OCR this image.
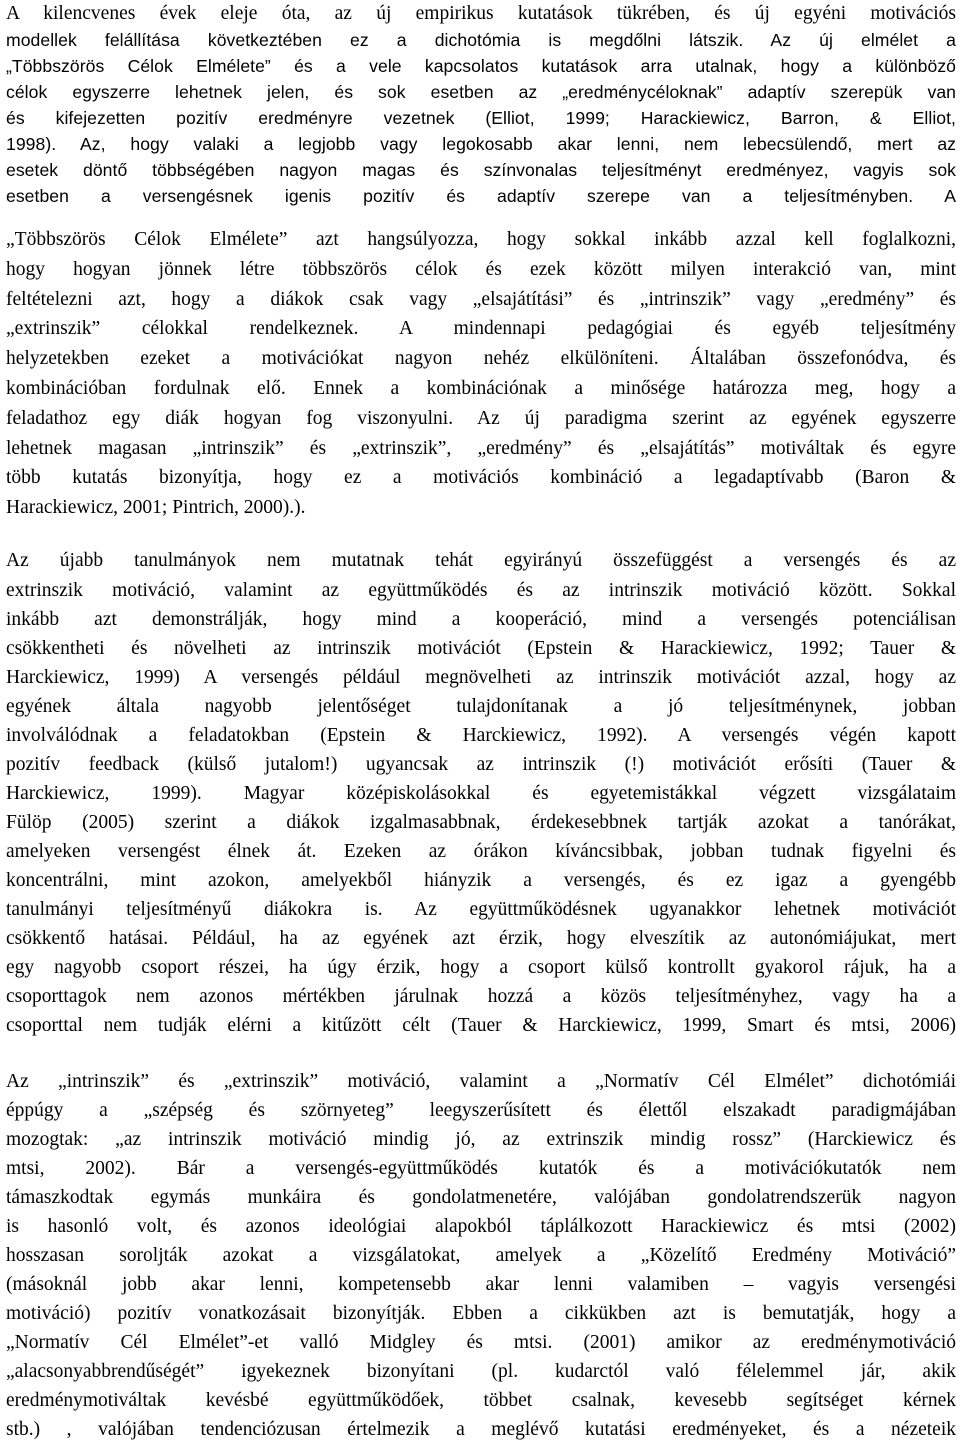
A kilencvenes évek eleje óta, az új empirikus kutatások tükrében, és új egyéni motivációs
modellek felállítása következtében ez a dichotómia is megdőlni látszik. Az új elmélet a
„Többszörös Célok Elmélete” és a vele kapcsolatos kutatások arra utalnak, hogy a különböző
célok egyszerre lehetnek jelen, és sok esetben az „eredménycéloknak” adaptív szerepük van
és kifejezetten pozitív eredményre vezetnek (Elliot, 1999; Harackiewicz, Barron, & Elliot,
1998). Az, hogy valaki a legjobb vagy legokosabb akar lenni, nem lebecsülendő, mert az
esetek döntő többségében nagyon magas és színvonalas teljesítményt eredményez, vagyis sok
esetben a versengésnek igenis pozitív és adaptív szerepe van a teljesítményben. A
„Többszörös Célok Elmélete” azt hangsúlyozza, hogy sokkal inkább azzal kell foglalkozni,
hogy hogyan jönnek létre többszörös célok és ezek között milyen interakció van, mint
feltételezni azt, hogy a diákok csak vagy „elsajátítási” és „intrinszik” vagy „eredmény” és
„extrinszik” célokkal rendelkeznek. A mindennapi pedagógiai és egyéb teljesítmény
helyzetekben ezeket a motivációkat nagyon nehéz elkülöníteni. Általában összefonódva, és
kombinációban fordulnak elő. Ennek a kombinációnak a minősége határozza meg, hogy a
feladathoz egy diák hogyan fog viszonyulni. Az új paradigma szerint az egyének egyszerre
lehetnek magasan „intrinszik” és „extrinszik”, „eredmény” és „elsajátítás” motiváltak és egyre
több kutatás bizonyítja, hogy ez a motivációs kombináció a legadaptívabb (Baron &
Harackiewicz, 2001; Pintrich, 2000).).
Az újabb tanulmányok nem mutatnak tehát egyirányú összefüggést a versengés és az
extrinszik motiváció, valamint az együttműködés és az intrinszik motiváció között. Sokkal
inkább azt demonstrálják, hogy mind a kooperáció, mind a versengés potenciálisan
csökkentheti és növelheti az intrinszik motivációt (Epstein & Harackiewicz, 1992; Tauer &
Harckiewicz, 1999) A versengés például megnövelheti az intrinszik motivációt azzal, hogy az
egyének általa nagyobb jelentőséget tulajdonítanak a jó teljesítménynek, jobban
involválódnak a feladatokban (Epstein & Harckiewicz, 1992). A versengés végén kapott
pozitív feedback (külső jutalom!) ugyancsak az intrinszik (!) motivációt erősíti (Tauer &
Harckiewicz, 1999). Magyar középiskolásokkal és egyetemistákkal végzett vizsgálataim
Fülöp (2005) szerint a diákok izgalmasabbnak, érdekesebbnek tartják azokat a tanórákat,
amelyeken versengést élnek át. Ezeken az órákon kíváncsibbak, jobban tudnak figyelni és
koncentrálni, mint azokon, amelyekből hiányzik a versengés, és ez igaz a gyengébb
tanulmányi teljesítményű diákokra is. Az együttműködésnek ugyanakkor lehetnek motivációt
csökkentő hatásai. Például, ha az egyének azt érzik, hogy elveszítik az autonómiájukat, mert
egy nagyobb csoport részei, ha úgy érzik, hogy a csoport külső kontrollt gyakorol rájuk, ha a
csoporttagok nem azonos mértékben járulnak hozzá a közös teljesítményhez, vagy ha a
csoporttal nem tudják elérni a kitűzött célt (Tauer & Harckiewicz, 1999, Smart és mtsi, 2006)
Az „intrinszik” és „extrinszik” motiváció, valamint a „Normatív Cél Elmélet” dichotómiái
éppúgy a „szépség és szörnyeteg” leegyszerűsített és élettől elszakadt paradigmájában
mozogtak: „az intrinszik motiváció mindig jó, az extrinszik mindig rossz” (Harckiewicz és
mtsi, 2002). Bár a versengés-együttműködés kutatók és a motivációkutatók nem
támaszkodtak egymás munkáira és gondolatmenetére, valójában gondolatrendszerük nagyon
is hasonló volt, és azonos ideológiai alapokból táplálkozott Harackiewicz és mtsi (2002)
hosszasan soroljták azokat a vizsgálatokat, amelyek a „Közelítő Eredmény Motiváció”
(másoknál jobb akar lenni, kompetensebb akar lenni valamiben – vagyis versengési
motiváció) pozitív vonatkozásait bizonyítják. Ebben a cikkükben azt is bemutatják, hogy a
„Normatív Cél Elmélet”-et valló Midgley és mtsi. (2001) amikor az eredménymotiváció
„alacsonyabbrendűségét” igyekeznek bizonyítani (pl. kudarctól való félelemmel jár, akik
eredménymotiváltak kevésbé együttműködőek, többet csalnak, kevesebb segítséget kérnek
stb.) , valójában tendenciózusan értelmezik a meglévő kutatási eredményeket, és a nézeteik
